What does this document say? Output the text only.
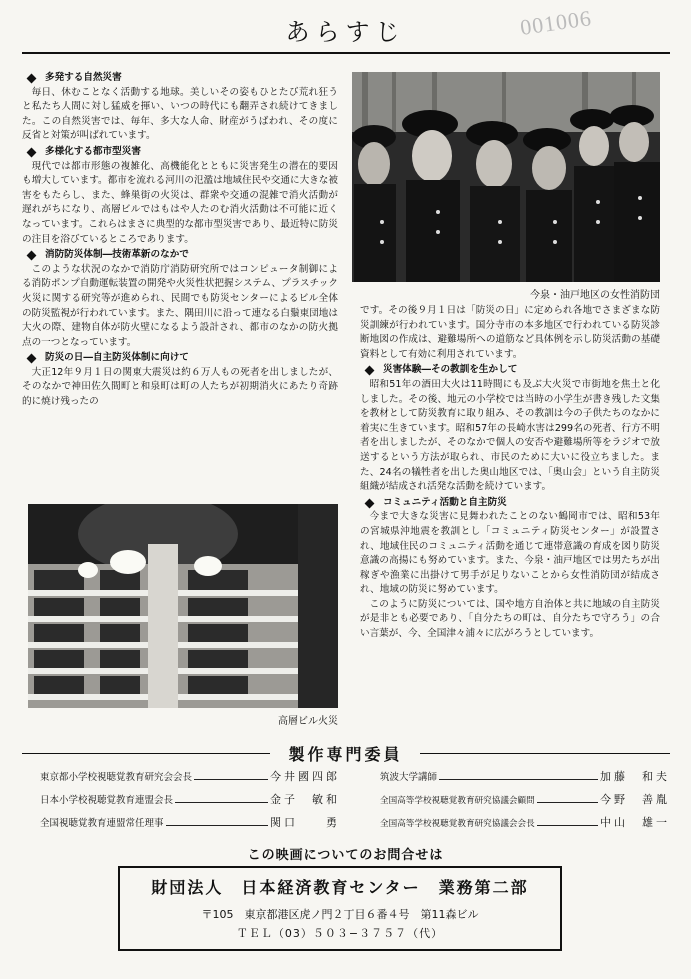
001006
あらすじ
多発する自然災害

毎日、休むことなく活動する地球。美しいその姿もひとたび荒れ狂うと私たち人間に対し猛威を揮い、いつの時代にも翻弄され続けてきました。この自然災害では、毎年、多大な人命、財産がうばわれ、その度に反省と対策が叫ばれています。

多様化する都市型災害

現代では都市形態の複雑化、高機能化とともに災害発生の潜在的要因も増大しています。都市を流れる河川の氾濫は地域住民や交通に大きな被害をもたらし、また、蜂巣街の火災は、群衆や交通の混雑で消火活動が遅れがちになり、高層ビルではもはや人たのむ消火活動は不可能に近くなっています。これらはまさに典型的な都市型災害であり、最近特に防災の注目を浴びているところであります。

消防防災体制―技術革新のなかで

このような状況のなかで消防庁消防研究所ではコンピュータ制御による消防ポンプ自動運転装置の開発や火災性状把握システム、プラスチック火災に関する研究等が進められ、民間でも防災センターによるビル全体の防災監視が行われています。また、隅田川に沿って連なる白鬚東団地は大火の際、建物自体が防火壁になるよう設計され、都市のなかの防火拠点の一つとなっています。

防災の日―自主防災体制に向けて

大正12年９月１日の関東大震災は約６万人もの死者を出しましたが、そのなかで神田佐久間町と和泉町は町の人たちが初期消火にあたり奇跡的に焼け残ったの

今泉・油戸地区の女性消防団

です。その後９月１日は「防災の日」に定められ各地でさまざまな防災訓練が行われています。国分寺市の本多地区で行われている防災診断地図の作成は、避難場所への道筋など具体例を示し防災活動の基礎資料として有効に利用されています。

災害体験―その教訓を生かして

昭和51年の酒田大火は11時間にも及ぶ大火災で市街地を焦土と化しました。その後、地元の小学校では当時の小学生が書き残した文集を教材として防災教育に取り組み、その教訓は今の子供たちのなかに着実に生きています。昭和57年の長崎水害は299名の死者、行方不明者を出しましたが、そのなかで個人の安否や避難場所等をラジオで放送するという方法が取られ、市民のために大いに役立ちました。また、24名の犠牲者を出した奥山地区では、「奥山会」という自主防災組織が結成され活発な活動を続けています。

コミュニティ活動と自主防災

今まで大きな災害に見舞われたことのない鶴岡市では、昭和53年の宮城県沖地震を教訓とし「コミュニティ防災センター」が設置され、地域住民のコミュニティ活動を通じて連帯意識の育成を図り防災意識の高揚にも努めています。また、今泉・油戸地区では男たちが出稼ぎや漁業に出掛けて男手が足りないことから女性消防団が結成され、地域の防災に努めています。

このように防災については、国や地方自治体と共に地域の自主防災が是非とも必要であり、「自分たちの町は、自分たちで守ろう」の合い言葉が、今、全国津々浦々に広がろうとしています。

高層ビル火災
製作専門委員
東京都小学校視聴覚教育研究会会長	今井國四郎
日本小学校視聴覚教育連盟会長	金子　敏和
全国視聴覚教育連盟常任理事	関口　　勇
筑波大学講師	加藤　和夫
全国高等学校視聴覚教育研究協議会顧問	今野　善胤
全国高等学校視聴覚教育研究協議会会長	中山　雄一
この映画についてのお問合せは
財団法人　日本経済教育センター　業務第二部
〒105　東京都港区虎ノ門２丁目６番４号　第11森ビル
ＴＥＬ（03）５０３−３７５７（代）
